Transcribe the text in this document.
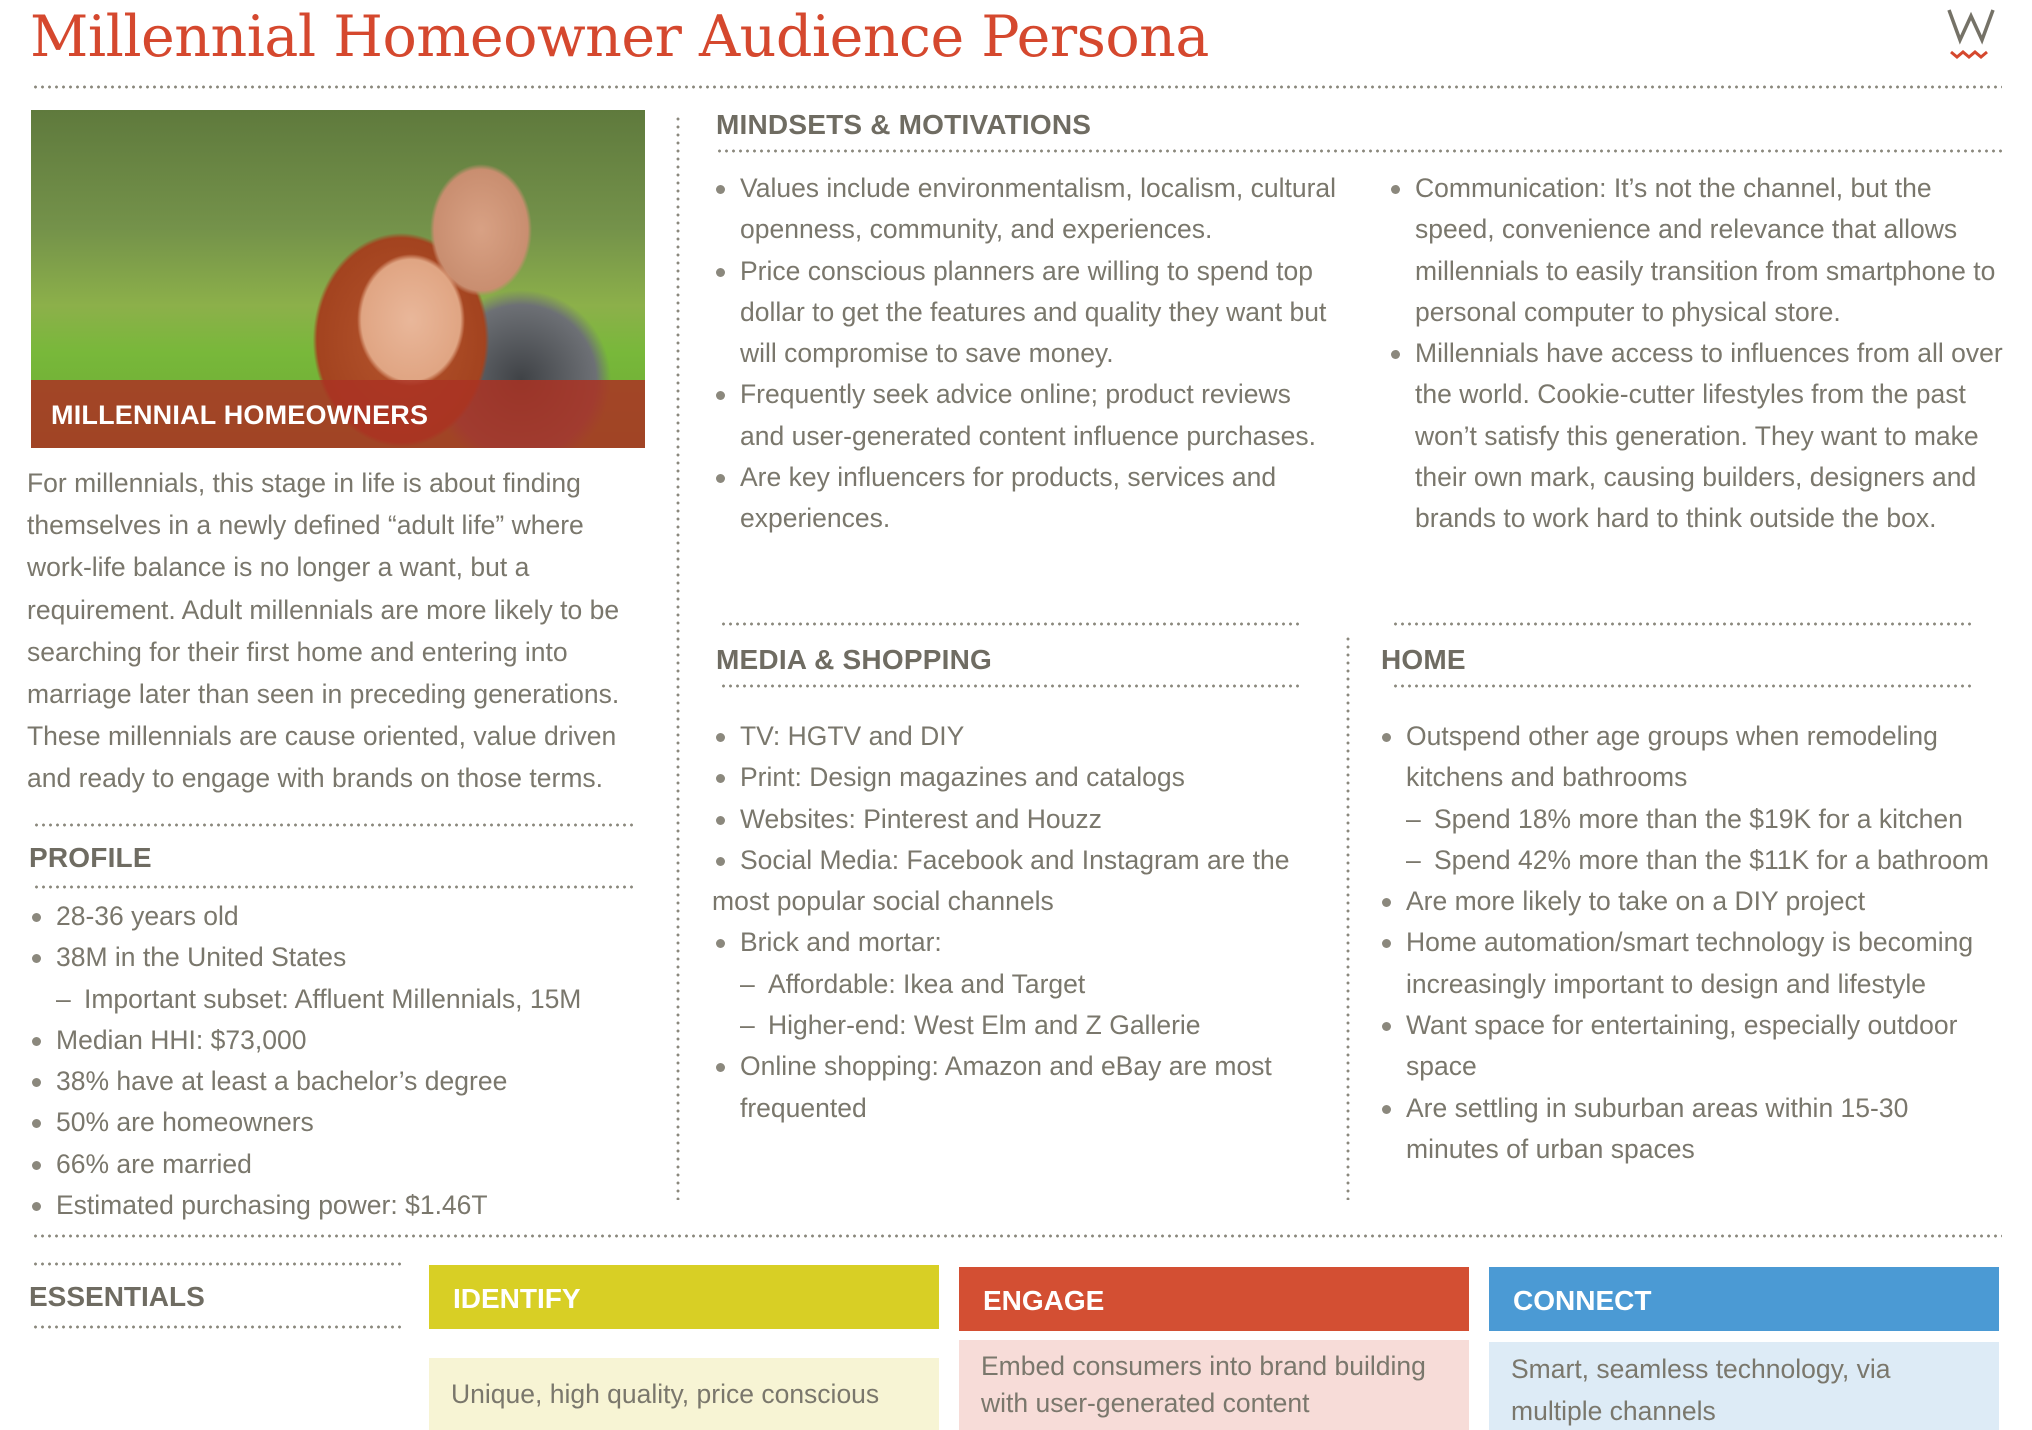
Millennial Homeowner Audience Persona
MILLENNIAL HOMEOWNERS

For millennials, this stage in life is about finding themselves in a newly defined “adult life” where work-life balance is no longer a want, but a requirement. Adult millennials are more likely to be searching for their first home and entering into marriage later than seen in preceding generations. These millennials are cause oriented, value driven and ready to engage with brands on those terms.

PROFILE
28-36 years old
38M in the United States
– Important subset: Affluent Millennials, 15M
Median HHI: $73,000
38% have at least a bachelor’s degree
50% are homeowners
66% are married
Estimated purchasing power: $1.46T
MINDSETS & MOTIVATIONS
Values include environmentalism, localism, cultural openness, community, and experiences.
Price conscious planners are willing to spend top dollar to get the features and quality they want but will compromise to save money.
Frequently seek advice online; product reviews and user-generated content influence purchases.
Are key influencers for products, services and experiences.
Communication: It’s not the channel, but the speed, convenience and relevance that allows millennials to easily transition from smartphone to personal computer to physical store.
Millennials have access to influences from all over the world. Cookie-cutter lifestyles from the past won’t satisfy this generation. They want to make their own mark, causing builders, designers and brands to work hard to think outside the box.
MEDIA & SHOPPING
TV: HGTV and DIY
Print: Design magazines and catalogs
Websites: Pinterest and Houzz
Social Media: Facebook and Instagram are the
most popular social channels
Brick and mortar:
– Affordable: Ikea and Target
– Higher-end: West Elm and Z Gallerie
Online shopping: Amazon and eBay are most frequented
HOME
Outspend other age groups when remodeling kitchens and bathrooms
– Spend 18% more than the $19K for a kitchen
– Spend 42% more than the $11K for a bathroom
Are more likely to take on a DIY project
Home automation/smart technology is becoming increasingly important to design and lifestyle
Want space for entertaining, especially outdoor space
Are settling in suburban areas within 15-30 minutes of urban spaces
ESSENTIALS	IDENTIFY
Unique, high quality, price conscious
ENGAGE
Embed consumers into brand building with user-generated content
CONNECT
Smart, seamless technology, via multiple channels
